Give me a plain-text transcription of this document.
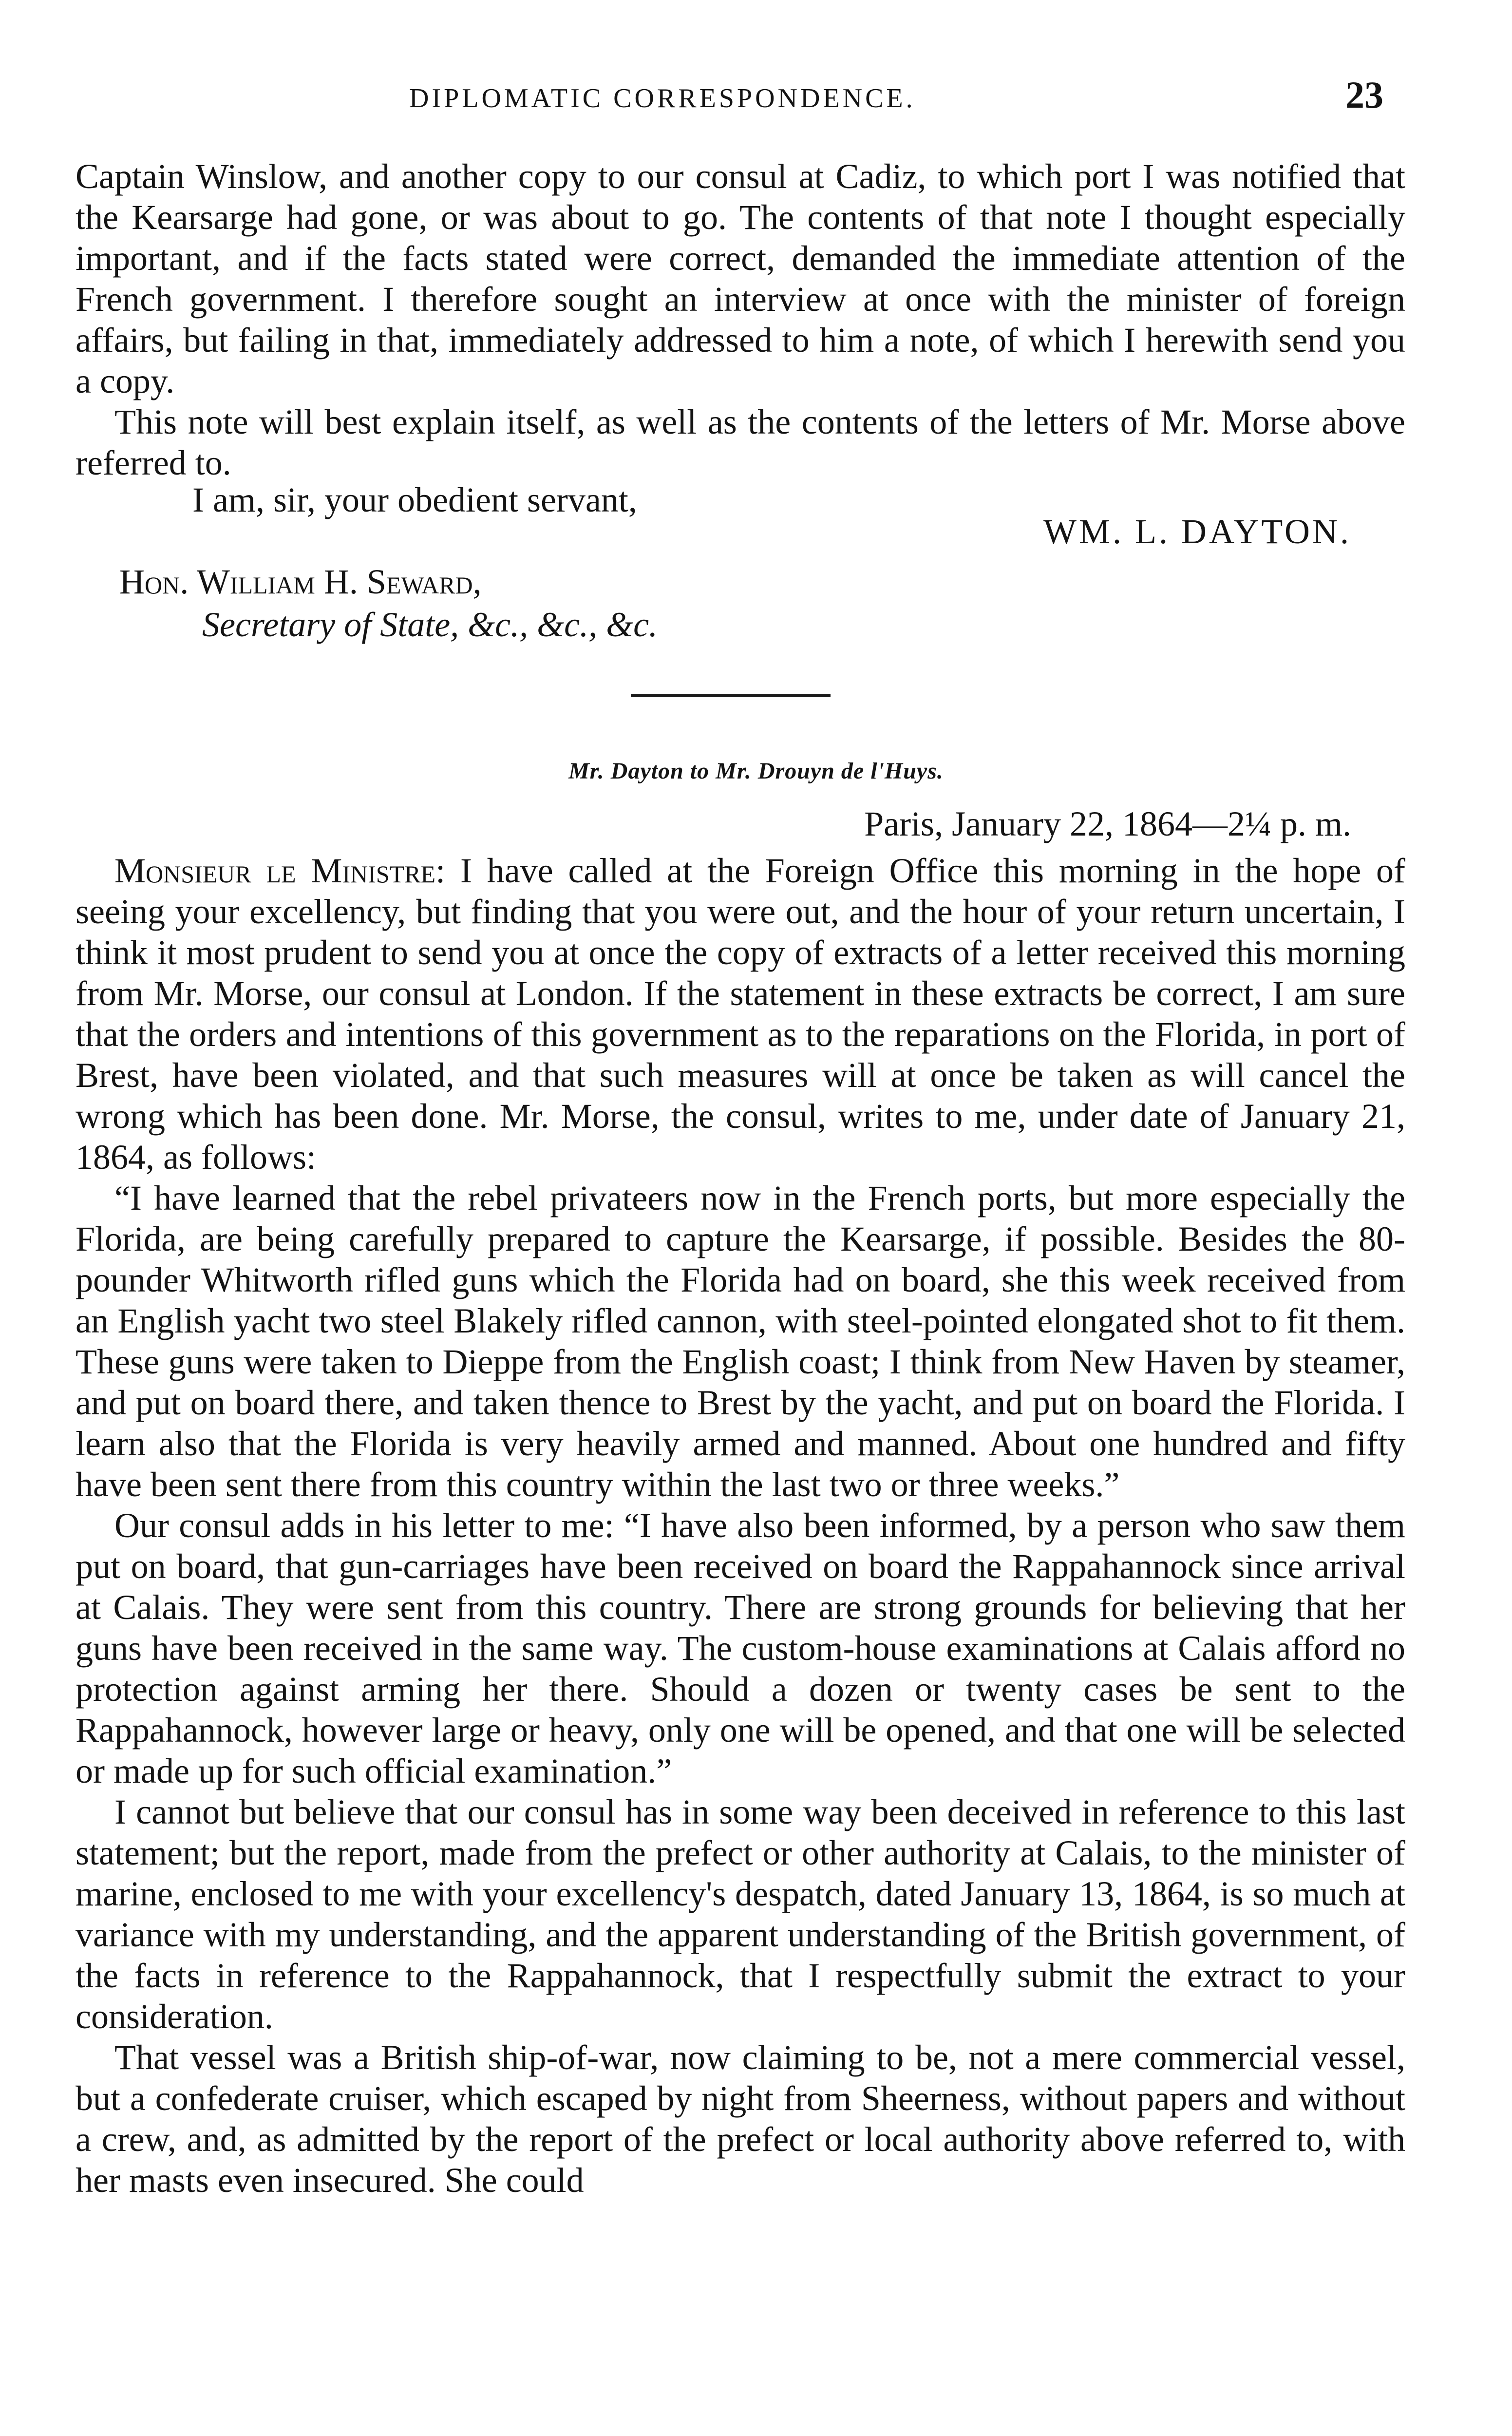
DIPLOMATIC CORRESPONDENCE.	23

Captain Winslow, and another copy to our consul at Cadiz, to which port I was notified that the Kearsarge had gone, or was about to go. The contents of that note I thought especially important, and if the facts stated were correct, demanded the immediate attention of the French government. I therefore sought an interview at once with the minister of foreign affairs, but failing in that, immediately addressed to him a note, of which I herewith send you a copy.

This note will best explain itself, as well as the contents of the letters of Mr. Morse above referred to.

I am, sir, your obedient servant,
WM. L. DAYTON.
Hon. William H. Seward,
Secretary of State, &c., &c., &c.
Mr. Dayton to Mr. Drouyn de l'Huys.
Paris, January 22, 1864—2¼ p. m.

Monsieur le Ministre: I have called at the Foreign Office this morning in the hope of seeing your excellency, but finding that you were out, and the hour of your return uncertain, I think it most prudent to send you at once the copy of extracts of a letter received this morning from Mr. Morse, our consul at London. If the statement in these extracts be correct, I am sure that the orders and intentions of this government as to the reparations on the Florida, in port of Brest, have been violated, and that such measures will at once be taken as will cancel the wrong which has been done. Mr. Morse, the consul, writes to me, under date of January 21, 1864, as follows:

“I have learned that the rebel privateers now in the French ports, but more especially the Florida, are being carefully prepared to capture the Kearsarge, if possible. Besides the 80-pounder Whitworth rifled guns which the Florida had on board, she this week received from an English yacht two steel Blakely rifled cannon, with steel-pointed elongated shot to fit them. These guns were taken to Dieppe from the English coast; I think from New Haven by steamer, and put on board there, and taken thence to Brest by the yacht, and put on board the Florida. I learn also that the Florida is very heavily armed and manned. About one hundred and fifty have been sent there from this country within the last two or three weeks.”

Our consul adds in his letter to me: “I have also been informed, by a person who saw them put on board, that gun-carriages have been received on board the Rappahannock since arrival at Calais. They were sent from this country. There are strong grounds for believing that her guns have been received in the same way. The custom-house examinations at Calais afford no protection against arming her there. Should a dozen or twenty cases be sent to the Rappahannock, however large or heavy, only one will be opened, and that one will be selected or made up for such official examination.”

I cannot but believe that our consul has in some way been deceived in reference to this last statement; but the report, made from the prefect or other authority at Calais, to the minister of marine, enclosed to me with your excellency's despatch, dated January 13, 1864, is so much at variance with my understanding, and the apparent understanding of the British government, of the facts in reference to the Rappahannock, that I respectfully submit the extract to your consideration.

That vessel was a British ship-of-war, now claiming to be, not a mere commercial vessel, but a confederate cruiser, which escaped by night from Sheerness, without papers and without a crew, and, as admitted by the report of the prefect or local authority above referred to, with her masts even insecured. She could
